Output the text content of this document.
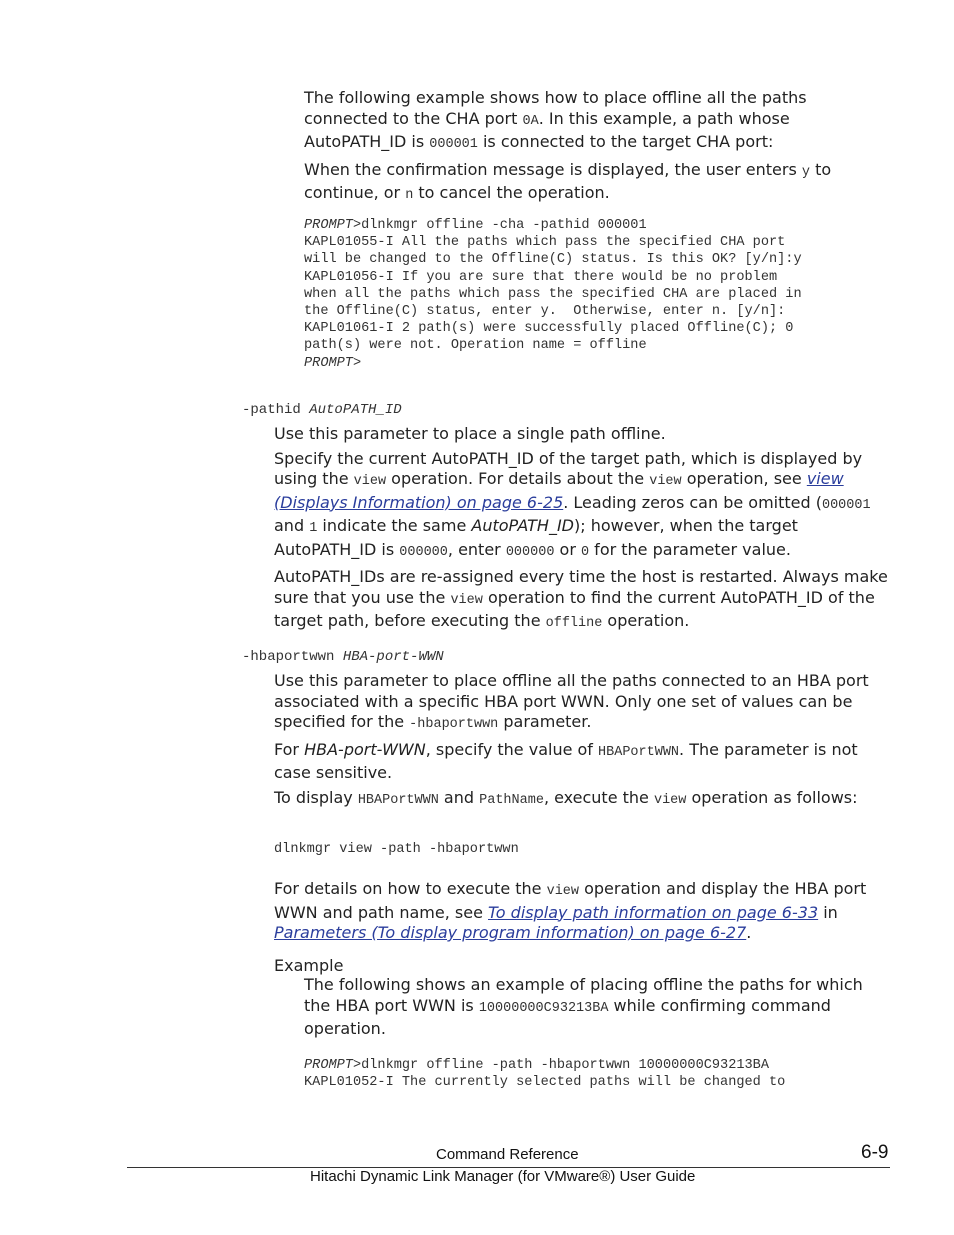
The following example shows how to place offline all the paths connected to the CHA port 0A. In this example, a path whose AutoPATH_ID is 000001 is connected to the target CHA port:

When the confirmation message is displayed, the user enters y to continue, or n to cancel the operation.

PROMPT>dlnkmgr offline -cha -pathid 000001
KAPL01055-I All the paths which pass the specified CHA port
will be changed to the Offline(C) status. Is this OK? [y/n]:y
KAPL01056-I If you are sure that there would be no problem
when all the paths which pass the specified CHA are placed in
the Offline(C) status, enter y.  Otherwise, enter n. [y/n]:
KAPL01061-I 2 path(s) were successfully placed Offline(C); 0
path(s) were not. Operation name = offline
PROMPT>
-pathid AutoPATH_ID

Use this parameter to place a single path offline.

Specify the current AutoPATH_ID of the target path, which is displayed by using the view operation. For details about the view operation, see view (Displays Information) on page 6-25. Leading zeros can be omitted (000001 and 1 indicate the same AutoPATH_ID); however, when the target AutoPATH_ID is 000000, enter 000000 or 0 for the parameter value.

AutoPATH_IDs are re-assigned every time the host is restarted. Always make sure that you use the view operation to find the current AutoPATH_ID of the target path, before executing the offline operation.

-hbaportwwn HBA-port-WWN

Use this parameter to place offline all the paths connected to an HBA port associated with a specific HBA port WWN. Only one set of values can be specified for the -hbaportwwn parameter.

For HBA-port-WWN, specify the value of HBAPortWWN. The parameter is not case sensitive.

To display HBAPortWWN and PathName, execute the view operation as follows:

dlnkmgr view -path -hbaportwwn

For details on how to execute the view operation and display the HBA port WWN and path name, see To display path information on page 6-33 in Parameters (To display program information) on page 6-27.

Example

The following shows an example of placing offline the paths for which the HBA port WWN is 10000000C93213BA while confirming command operation.

PROMPT>dlnkmgr offline -path -hbaportwwn 10000000C93213BA
KAPL01052-I The currently selected paths will be changed to
Command Reference	6-9
Hitachi Dynamic Link Manager (for VMware®) User Guide
